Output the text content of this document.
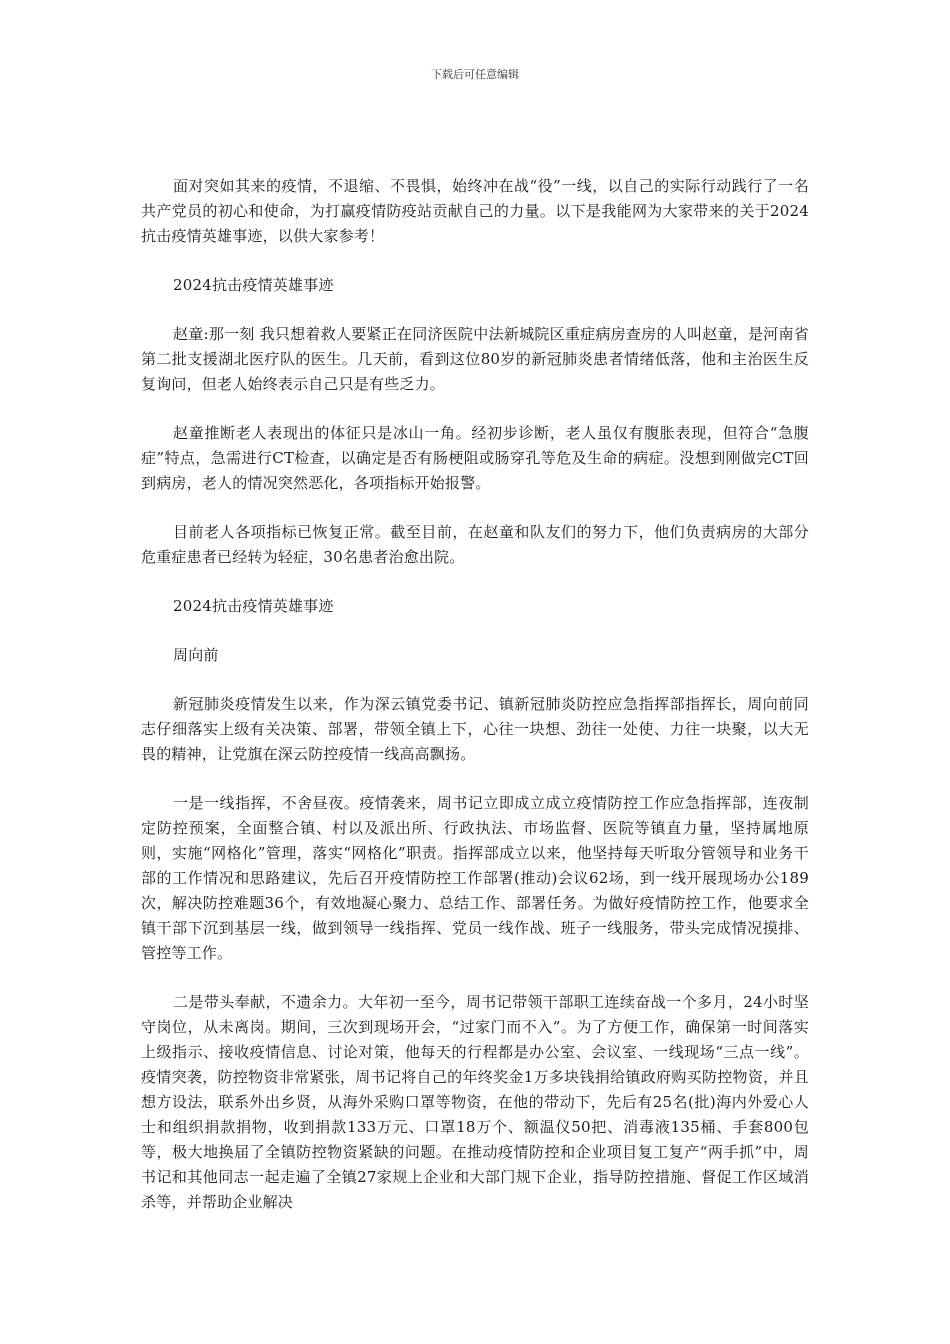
下载后可任意编辑

面对突如其来的疫情，不退缩、不畏惧，始终冲在战“役”一线，以自己的实际行动践行了一名共产党员的初心和使命，为打赢疫情防疫站贡献自己的力量。以下是我能网为大家带来的关于2024抗击疫情英雄事迹，以供大家参考！

2024抗击疫情英雄事迹

赵童:那一刻 我只想着救人要紧正在同济医院中法新城院区重症病房查房的人叫赵童，是河南省第二批支援湖北医疗队的医生。几天前，看到这位80岁的新冠肺炎患者情绪低落，他和主治医生反复询问，但老人始终表示自己只是有些乏力。

赵童推断老人表现出的体征只是冰山一角。经初步诊断，老人虽仅有腹胀表现，但符合“急腹症”特点，急需进行CT检查，以确定是否有肠梗阻或肠穿孔等危及生命的病症。没想到刚做完CT回到病房，老人的情况突然恶化，各项指标开始报警。

目前老人各项指标已恢复正常。截至目前，在赵童和队友们的努力下，他们负责病房的大部分危重症患者已经转为轻症，30名患者治愈出院。

2024抗击疫情英雄事迹

周向前

新冠肺炎疫情发生以来，作为深云镇党委书记、镇新冠肺炎防控应急指挥部指挥长，周向前同志仔细落实上级有关决策、部署，带领全镇上下，心往一块想、劲往一处使、力往一块聚，以大无畏的精神，让党旗在深云防控疫情一线高高飘扬。

一是一线指挥，不舍昼夜。疫情袭来，周书记立即成立成立疫情防控工作应急指挥部，连夜制定防控预案，全面整合镇、村以及派出所、行政执法、市场监督、医院等镇直力量，坚持属地原则，实施“网格化”管理，落实“网格化”职责。指挥部成立以来，他坚持每天听取分管领导和业务干部的工作情况和思路建议，先后召开疫情防控工作部署(推动)会议62场，到一线开展现场办公189次，解决防控难题36个，有效地凝心聚力、总结工作、部署任务。为做好疫情防控工作，他要求全镇干部下沉到基层一线，做到领导一线指挥、党员一线作战、班子一线服务，带头完成情况摸排、管控等工作。

二是带头奉献，不遗余力。大年初一至今，周书记带领干部职工连续奋战一个多月，24小时坚守岗位，从未离岗。期间，三次到现场开会，“过家门而不入”。为了方便工作，确保第一时间落实上级指示、接收疫情信息、讨论对策，他每天的行程都是办公室、会议室、一线现场“三点一线”。疫情突袭，防控物资非常紧张，周书记将自己的年终奖金1万多块钱捐给镇政府购买防控物资，并且想方设法，联系外出乡贤，从海外采购口罩等物资，在他的带动下，先后有25名(批)海内外爱心人士和组织捐款捐物，收到捐款133万元、口罩18万个、额温仪50把、消毒液135桶、手套800包等，极大地换届了全镇防控物资紧缺的问题。在推动疫情防控和企业项目复工复产“两手抓”中，周书记和其他同志一起走遍了全镇27家规上企业和大部门规下企业，指导防控措施、督促工作区域消杀等，并帮助企业解决
